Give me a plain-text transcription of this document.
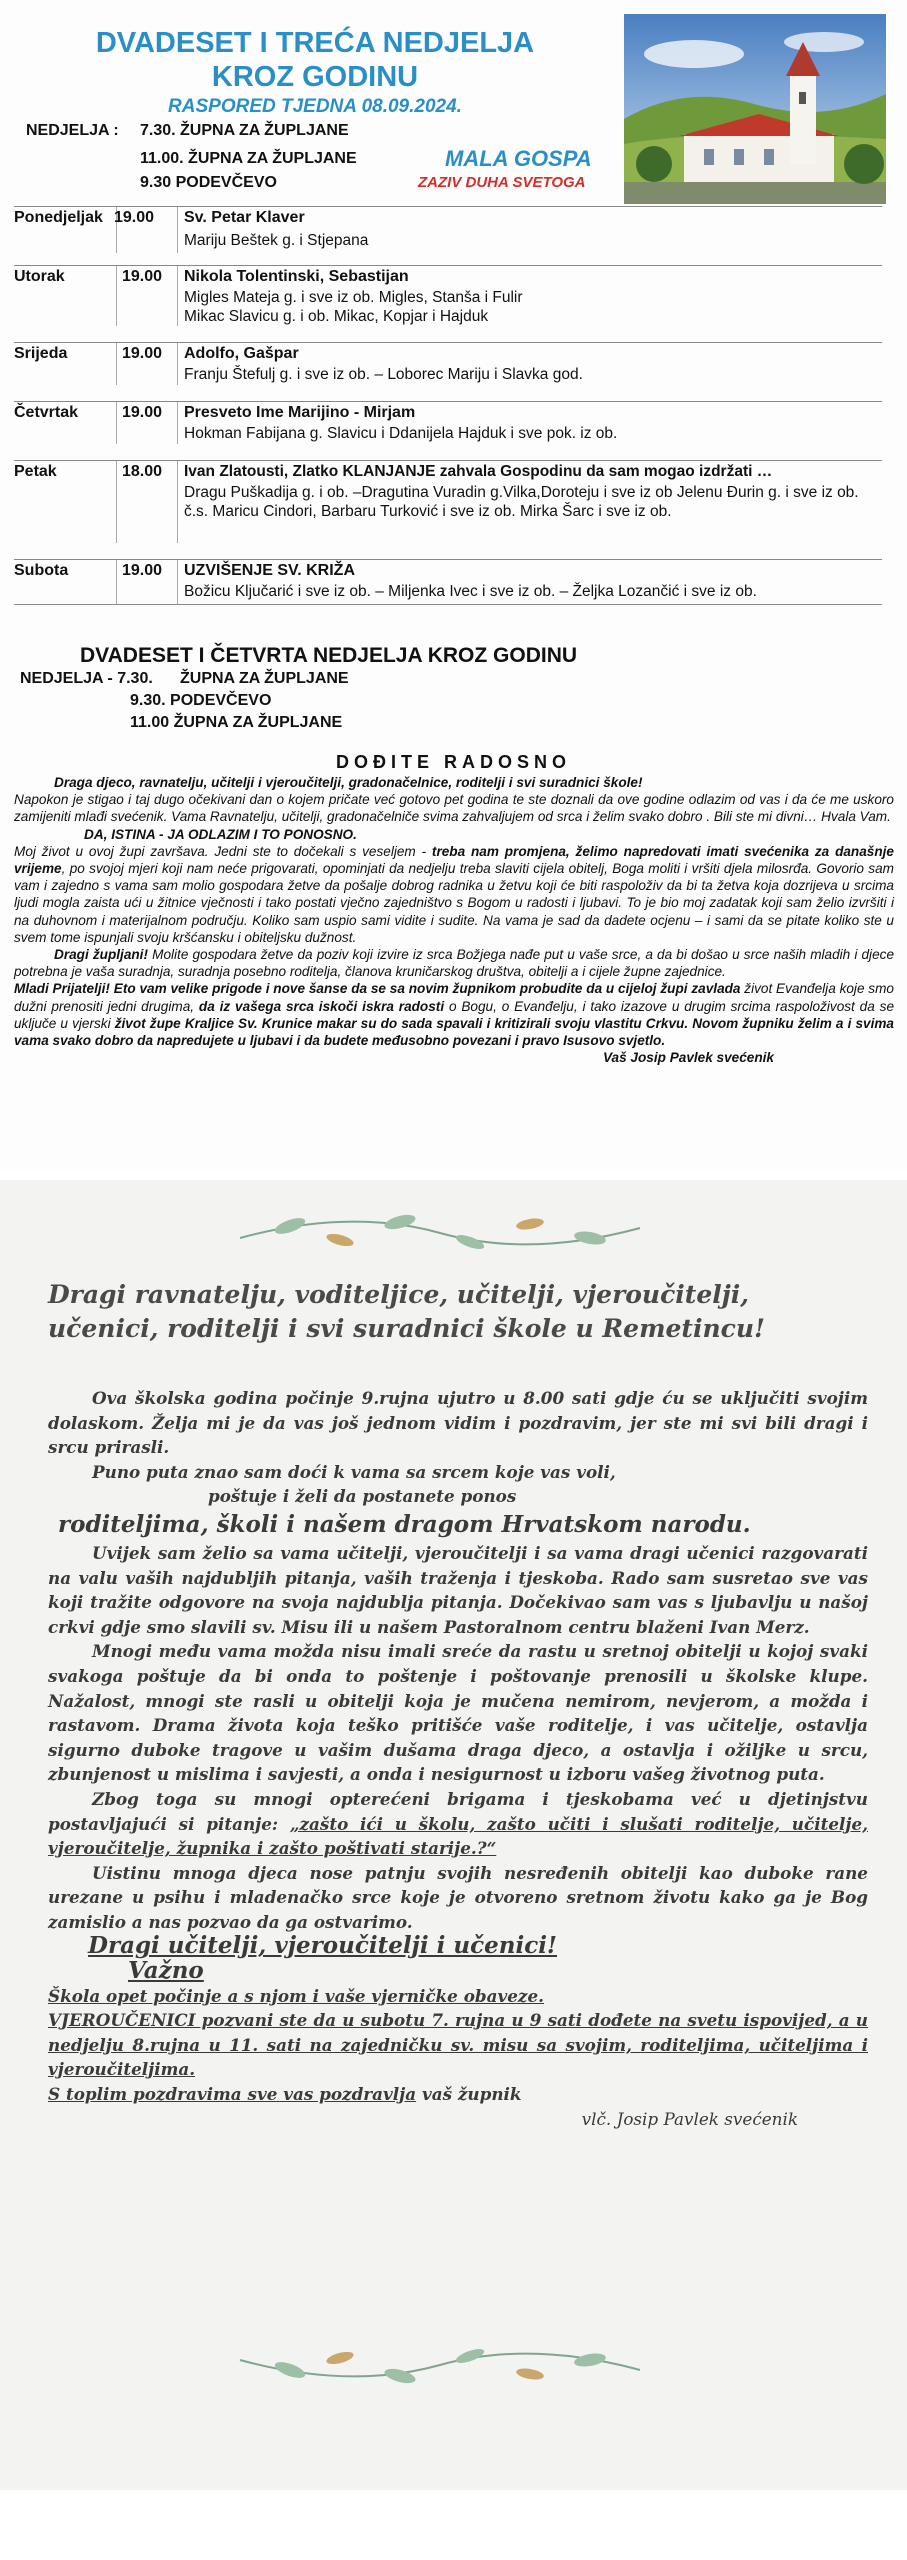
DVADESET I TREĆA NEDJELJA
KROZ GODINU
RASPORED TJEDNA 08.09.2024.
NEDJELJA : 7.30. ŽUPNA ZA ŽUPLJANE
11.00. ŽUPNA ZA ŽUPLJANE
9.30 PODEVČEVO
MALA GOSPA
ZAZIV DUHA SVETOGA
Ponedjeljak 19.00 Sv. Petar Klaver
Mariju Beštek g. i Stjepana
Utorak	19.00 Nikola Tolentinski, Sebastijan
Migles Mateja g. i sve iz ob. Migles, Stanša i Fulir
Mikac Slavicu g. i ob. Mikac, Kopjar i Hajduk
Srijeda	19.00 Adolfo, Gašpar
Franju Štefulj g. i sve iz ob. – Loborec Mariju i Slavka god.
Četvrtak	19.00 Presveto Ime Marijino - Mirjam
Hokman Fabijana g. Slavicu i Ddanijela Hajduk i sve pok. iz ob.
Petak	18.00 Ivan Zlatousti, Zlatko KLANJANJE zahvala Gospodinu da sam mogao izdržati …
Dragu Puškadija g. i ob. –Dragutina Vuradin g.Vilka,Doroteju i sve iz ob Jelenu Đurin g. i sve iz ob. č.s. Maricu Cindori, Barbaru Turković i sve iz ob. Mirka Šarc i sve iz ob.
Subota	19.00 UZVIŠENJE SV. KRIŽA
Božicu Ključarić i sve iz ob. – Miljenka Ivec i sve iz ob. – Željka Lozančić i sve iz ob.
DVADESET I ČETVRTA NEDJELJA KROZ GODINU
NEDJELJA - 7.30. ŽUPNA ZA ŽUPLJANE
9.30. PODEVČEVO
11.00 ŽUPNA ZA ŽUPLJANE
DOĐITE RADOSNO

Draga djeco, ravnatelju, učitelji i vjeroučitelji, gradonačelnice, roditelji i svi suradnici škole!

Napokon je stigao i taj dugo očekivani dan o kojem pričate već gotovo pet godina te ste doznali da ove godine odlazim od vas i da će me uskoro zamijeniti mlađi svećenik. Vama Ravnatelju, učitelji, gradonačelniče svima zahvaljujem od srca i želim svako dobro . Bili ste mi divni… Hvala Vam.

DA, ISTINA - JA ODLAZIM I TO PONOSNO.

Moj život u ovoj župi završava. Jedni ste to dočekali s veseljem - treba nam promjena, želimo napredovati imati svećenika za današnje vrijeme, po svojoj mjeri koji nam neće prigovarati, opominjati da nedjelju treba slaviti cijela obitelj, Boga moliti i vršiti djela milosrđa. Govorio sam vam i zajedno s vama sam molio gospodara žetve da pošalje dobrog radnika u žetvu koji će biti raspoloživ da bi ta žetva koja dozrijeva u srcima ljudi mogla zaista ući u žitnice vječnosti i tako postati vječno zajedništvo s Bogom u radosti i ljubavi. To je bio moj zadatak koji sam želio izvršiti i na duhovnom i materijalnom području. Koliko sam uspio sami vidite i sudite. Na vama je sad da dadete ocjenu – i sami da se pitate koliko ste u svem tome ispunjali svoju kršćansku i obiteljsku dužnost.

Dragi župljani! Molite gospodara žetve da poziv koji izvire iz srca Božjega nađe put u vaše srce, a da bi došao u srce naših mladih i djece potrebna je vaša suradnja, suradnja posebno roditelja, članova kruničarskog društva, obitelji a i cijele župne zajednice.

Mladi Prijatelji! Eto vam velike prigode i nove šanse da se sa novim župnikom probudite da u cijeloj župi zavlada život Evanđelja koje smo dužni prenositi jedni drugima, da iz vašega srca iskoči iskra radosti o Bogu, o Evanđelju, i tako izazove u drugim srcima raspoloživost da se uključe u vjerski život župe Kraljice Sv. Krunice makar su do sada spavali i kritizirali svoju vlastitu Crkvu. Novom župniku želim a i svima vama svako dobro da napredujete u ljubavi i da budete međusobno povezani i pravo Isusovo svjetlo.

Vaš Josip Pavlek svećenik

Dragi ravnatelju, voditeljice, učitelji, vjeroučitelji, učenici, roditelji i svi suradnici škole u Remetincu!

Ova školska godina počinje 9.rujna ujutro u 8.00 sati gdje ću se uključiti svojim dolaskom. Želja mi je da vas još jednom vidim i pozdravim, jer ste mi svi bili dragi i srcu prirasli.

Puno puta znao sam doći k vama sa srcem koje vas voli,

poštuje i želi da postanete ponos

roditeljima, školi i našem dragom Hrvatskom narodu.

Uvijek sam želio sa vama učitelji, vjeroučitelji i sa vama dragi učenici razgovarati na valu vaših najdubljih pitanja, vaših traženja i tjeskoba. Rado sam susretao sve vas koji tražite odgovore na svoja najdublja pitanja. Dočekivao sam vas s ljubavlju u našoj crkvi gdje smo slavili sv. Misu ili u našem Pastoralnom centru blaženi Ivan Merz.

Mnogi među vama možda nisu imali sreće da rastu u sretnoj obitelji u kojoj svaki svakoga poštuje da bi onda to poštenje i poštovanje prenosili u školske klupe. Nažalost, mnogi ste rasli u obitelji koja je mučena nemirom, nevjerom, a možda i rastavom. Drama života koja teško pritišće vaše roditelje, i vas učitelje, ostavlja sigurno duboke tragove u vašim dušama draga djeco, a ostavlja i ožiljke u srcu, zbunjenost u mislima i savjesti, a onda i nesigurnost u izboru vašeg životnog puta.

Zbog toga su mnogi opterećeni brigama i tjeskobama već u djetinjstvu postavljajući si pitanje: „zašto ići u školu, zašto učiti i slušati roditelje, učitelje, vjeroučitelje, župnika i zašto poštivati starije.?“

Uistinu mnoga djeca nose patnju svojih nesređenih obitelji kao duboke rane urezane u psihu i mladenačko srce koje je otvoreno sretnom životu kako ga je Bog zamislio a nas pozvao da ga ostvarimo.

Dragi učitelji, vjeroučitelji i učenici!

Važno

Škola opet počinje a s njom i vaše vjerničke obaveze.

VJEROUČENICI pozvani ste da u subotu 7. rujna u 9 sati dođete na svetu ispovijed, a u nedjelju 8.rujna u 11. sati na zajedničku sv. misu sa svojim, roditeljima, učiteljima i vjeroučiteljima.

S toplim pozdravima sve vas pozdravlja vaš župnik

vlč. Josip Pavlek svećenik
